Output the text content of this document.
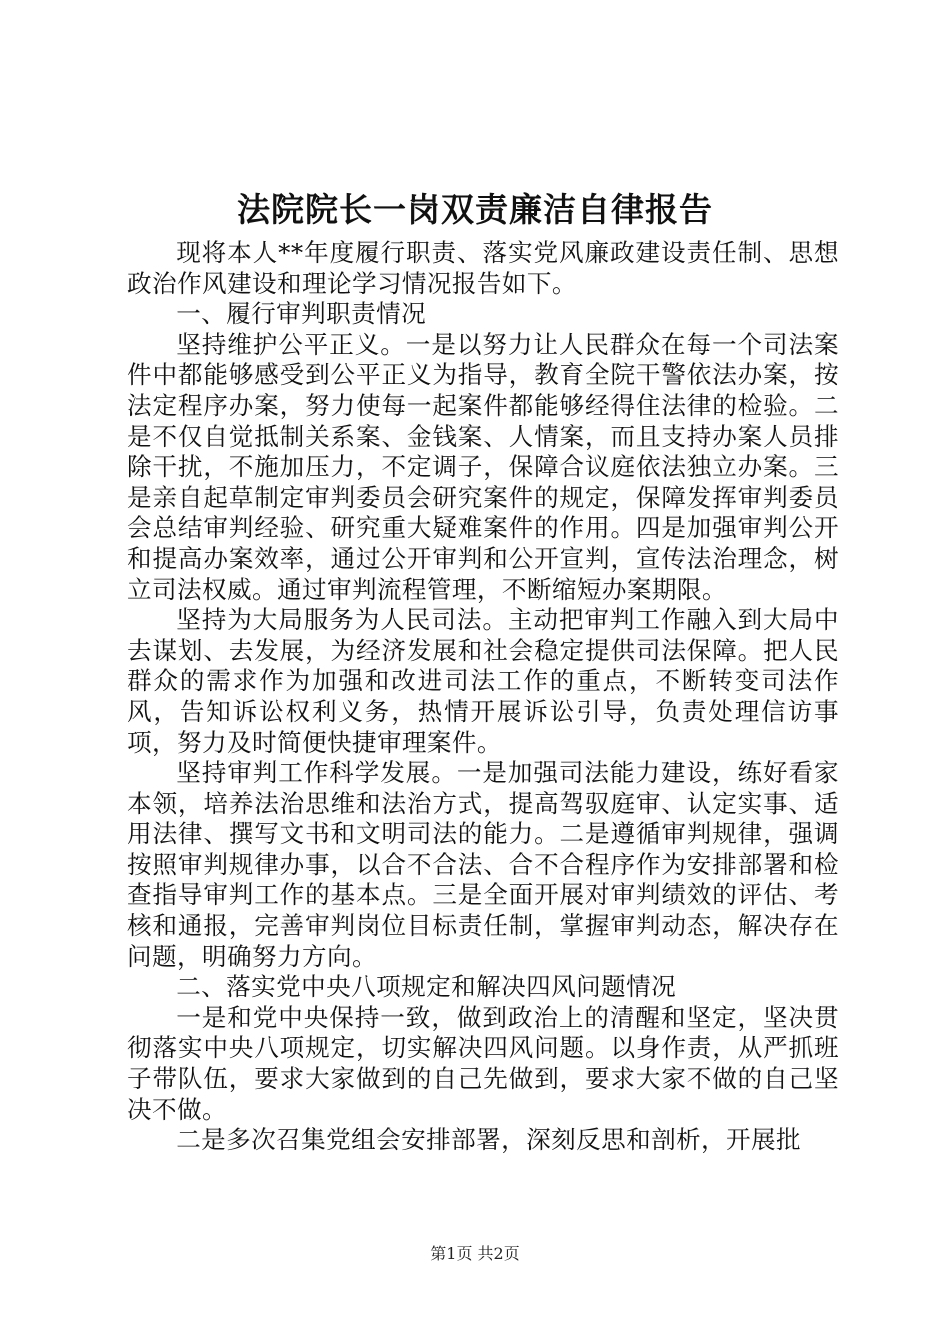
法院院长一岗双责廉洁自律报告

现将本人**年度履行职责、落实党风廉政建设责任制、思想政治作风建设和理论学习情况报告如下。

一、履行审判职责情况

坚持维护公平正义。一是以努力让人民群众在每一个司法案件中都能够感受到公平正义为指导，教育全院干警依法办案，按法定程序办案，努力使每一起案件都能够经得住法律的检验。二是不仅自觉抵制关系案、金钱案、人情案，而且支持办案人员排除干扰，不施加压力，不定调子，保障合议庭依法独立办案。三是亲自起草制定审判委员会研究案件的规定，保障发挥审判委员会总结审判经验、研究重大疑难案件的作用。四是加强审判公开和提高办案效率，通过公开审判和公开宣判，宣传法治理念，树立司法权威。通过审判流程管理，不断缩短办案期限。

坚持为大局服务为人民司法。主动把审判工作融入到大局中去谋划、去发展，为经济发展和社会稳定提供司法保障。把人民群众的需求作为加强和改进司法工作的重点，不断转变司法作风，告知诉讼权利义务，热情开展诉讼引导，负责处理信访事项，努力及时简便快捷审理案件。

坚持审判工作科学发展。一是加强司法能力建设，练好看家本领，培养法治思维和法治方式，提高驾驭庭审、认定实事、适用法律、撰写文书和文明司法的能力。二是遵循审判规律，强调按照审判规律办事，以合不合法、合不合程序作为安排部署和检查指导审判工作的基本点。三是全面开展对审判绩效的评估、考核和通报，完善审判岗位目标责任制，掌握审判动态，解决存在问题，明确努力方向。

二、落实党中央八项规定和解决四风问题情况

一是和党中央保持一致，做到政治上的清醒和坚定，坚决贯彻落实中央八项规定，切实解决四风问题。以身作责，从严抓班子带队伍，要求大家做到的自己先做到，要求大家不做的自己坚决不做。

二是多次召集党组会安排部署，深刻反思和剖析，开展批

第1页 共2页
